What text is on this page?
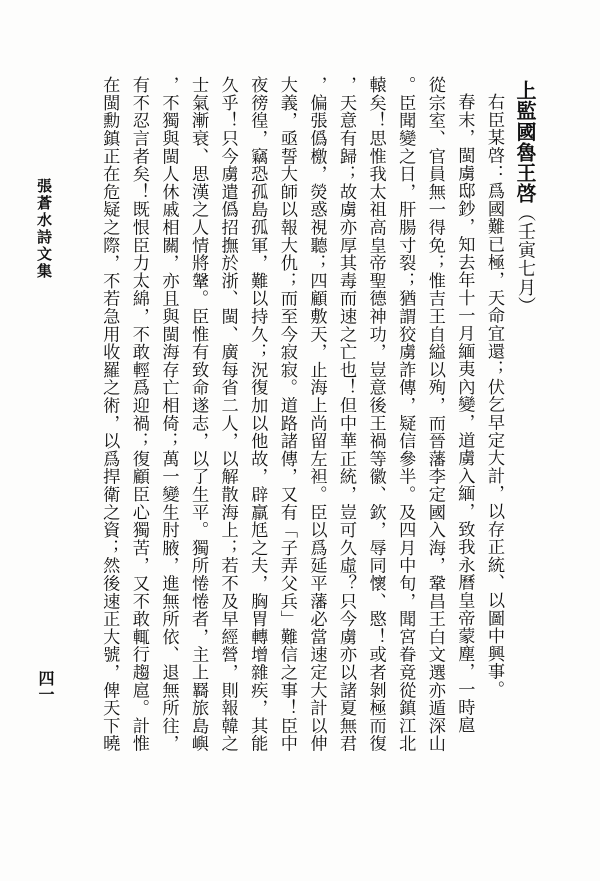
張蒼水詩文集
四一
上監國魯王啓（壬寅七月）
右臣某啓：爲國難已極，天命宜還；伏乞早定大計，以存正統、以圖中興事。
春末，閩虜邸鈔，知去年十一月緬夷內變，道虜入緬，致我永曆皇帝蒙塵，一時扈
從宗室、官員無一得免；惟吉王自縊以殉，而晉藩李定國入海，鞏昌王白文選亦遁深山
。臣聞變之日，肝腸寸裂；猶謂狡虜詐傳，疑信參半。及四月中旬，聞宮眷竟從鎮江北
轅矣！思惟我太祖高皇帝聖德神功，豈意後王禍等徽、欽，辱同懷、愍！或者剝極而復
，天意有歸；故虜亦厚其毒而速之亡也！但中華正統，豈可久虛？只今虜亦以諸夏無君
，偏張僞檄，熒惑視聽；四顧敷天，止海上尚留左袒。臣以爲延平藩必當速定大計以伸
大義，亟誓大師以報大仇；而至今寂寂。道路諸傳，又有「子弄父兵」難信之事！臣中
夜徬徨，竊恐孤島孤軍，難以持久；況復加以他故，辟羸尪之夫，胸胃轉增雜疾，其能
久乎！只今虜遣僞招撫於浙、閩、廣每省二人，以解散海上；若不及早經營，則報韓之
士氣漸衰、思漢之人情將鞶。臣惟有致命遂志，以了生平。獨所惓惓者，主上羇旅島嶼
，不獨與閩人休戚相關，亦且與閩海存亡相倚；萬一變生肘腋，進無所依、退無所往，
有不忍言者矣！既恨臣力太綿，不敢輕爲迎禍；復顧臣心獨苦，又不敢輒行趨扈。計惟
在閩勳鎮正在危疑之際，不若急用收羅之術，以爲捍衛之資；然後速正大號，俾天下曉
